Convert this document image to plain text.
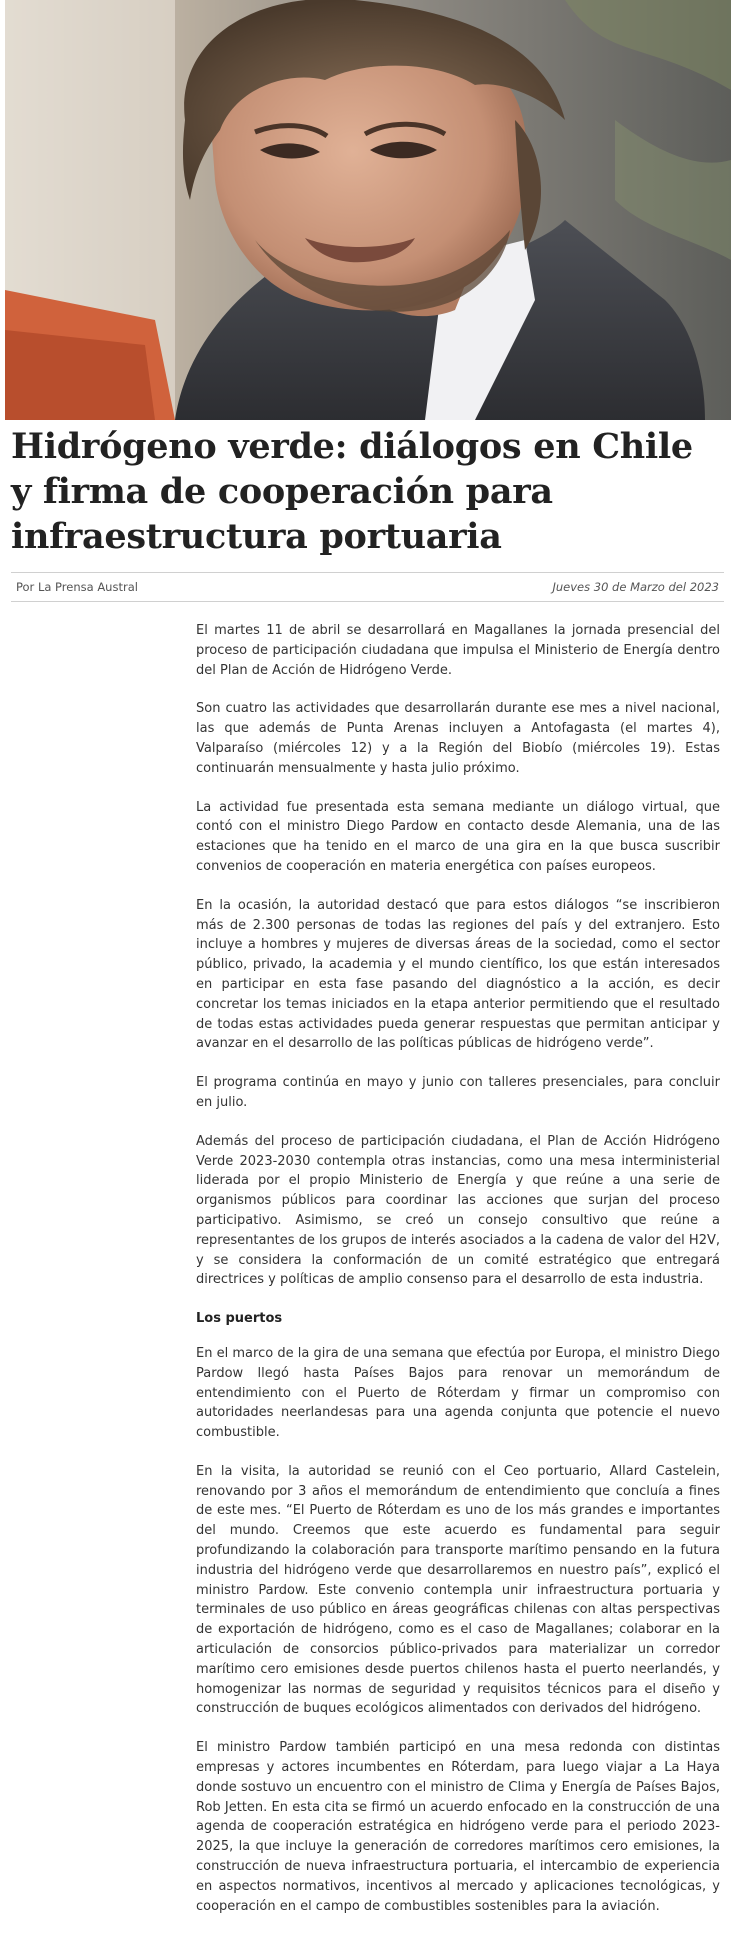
Hidrógeno verde: diálogos en Chile y firma de cooperación para infraestructura portuaria
Por La Prensa Austral	Jueves 30 de Marzo del 2023

El martes 11 de abril se desarrollará en Magallanes la jornada presencial del proceso de participación ciudadana que impulsa el Ministerio de Energía dentro del Plan de Acción de Hidrógeno Verde.

Son cuatro las actividades que desarrollarán durante ese mes a nivel nacional, las que además de Punta Arenas incluyen a Antofagasta (el martes 4), Valparaíso (miércoles 12) y a la Región del Biobío (miércoles 19). Estas continuarán mensualmente y hasta julio próximo.

La actividad fue presentada esta semana mediante un diálogo virtual, que contó con el ministro Diego Pardow en contacto desde Alemania, una de las estaciones que ha tenido en el marco de una gira en la que busca suscribir convenios de cooperación en materia energética con países europeos.

En la ocasión, la autoridad destacó que para estos diálogos “se inscribieron más de 2.300 personas de todas las regiones del país y del extranjero. Esto incluye a hombres y mujeres de diversas áreas de la sociedad, como el sector público, privado, la academia y el mundo científico, los que están interesados en participar en esta fase pasando del diagnóstico a la acción, es decir concretar los temas iniciados en la etapa anterior permitiendo que el resultado de todas estas actividades pueda generar respuestas que permitan anticipar y avanzar en el desarrollo de las políticas públicas de hidrógeno verde”.

El programa continúa en mayo y junio con talleres presenciales, para concluir en julio.

Además del proceso de participación ciudadana, el Plan de Acción Hidrógeno Verde 2023-2030 contempla otras instancias, como una mesa interministerial liderada por el propio Ministerio de Energía y que reúne a una serie de organismos públicos para coordinar las acciones que surjan del proceso participativo. Asimismo, se creó un consejo consultivo que reúne a representantes de los grupos de interés asociados a la cadena de valor del H2V, y se considera la conformación de un comité estratégico que entregará directrices y políticas de amplio consenso para el desarrollo de esta industria.

Los puertos

En el marco de la gira de una semana que efectúa por Europa, el ministro Diego Pardow llegó hasta Países Bajos para renovar un memorándum de entendimiento con el Puerto de Róterdam y firmar un compromiso con autoridades neerlandesas para una agenda conjunta que potencie el nuevo combustible.

En la visita, la autoridad se reunió con el Ceo portuario, Allard Castelein, renovando por 3 años el memorándum de entendimiento que concluía a fines de este mes. “El Puerto de Róterdam es uno de los más grandes e importantes del mundo. Creemos que este acuerdo es fundamental para seguir profundizando la colaboración para transporte marítimo pensando en la futura industria del hidrógeno verde que desarrollaremos en nuestro país”, explicó el ministro Pardow. Este convenio contempla unir infraestructura portuaria y terminales de uso público en áreas geográficas chilenas con altas perspectivas de exportación de hidrógeno, como es el caso de Magallanes; colaborar en la articulación de consorcios público-privados para materializar un corredor marítimo cero emisiones desde puertos chilenos hasta el puerto neerlandés, y homogenizar las normas de seguridad y requisitos técnicos para el diseño y construcción de buques ecológicos alimentados con derivados del hidrógeno.

El ministro Pardow también participó en una mesa redonda con distintas empresas y actores incumbentes en Róterdam, para luego viajar a La Haya donde sostuvo un encuentro con el ministro de Clima y Energía de Países Bajos, Rob Jetten. En esta cita se firmó un acuerdo enfocado en la construcción de una agenda de cooperación estratégica en hidrógeno verde para el periodo 2023-2025, la que incluye la generación de corredores marítimos cero emisiones, la construcción de nueva infraestructura portuaria, el intercambio de experiencia en aspectos normativos, incentivos al mercado y aplicaciones tecnológicas, y cooperación en el campo de combustibles sostenibles para la aviación.
